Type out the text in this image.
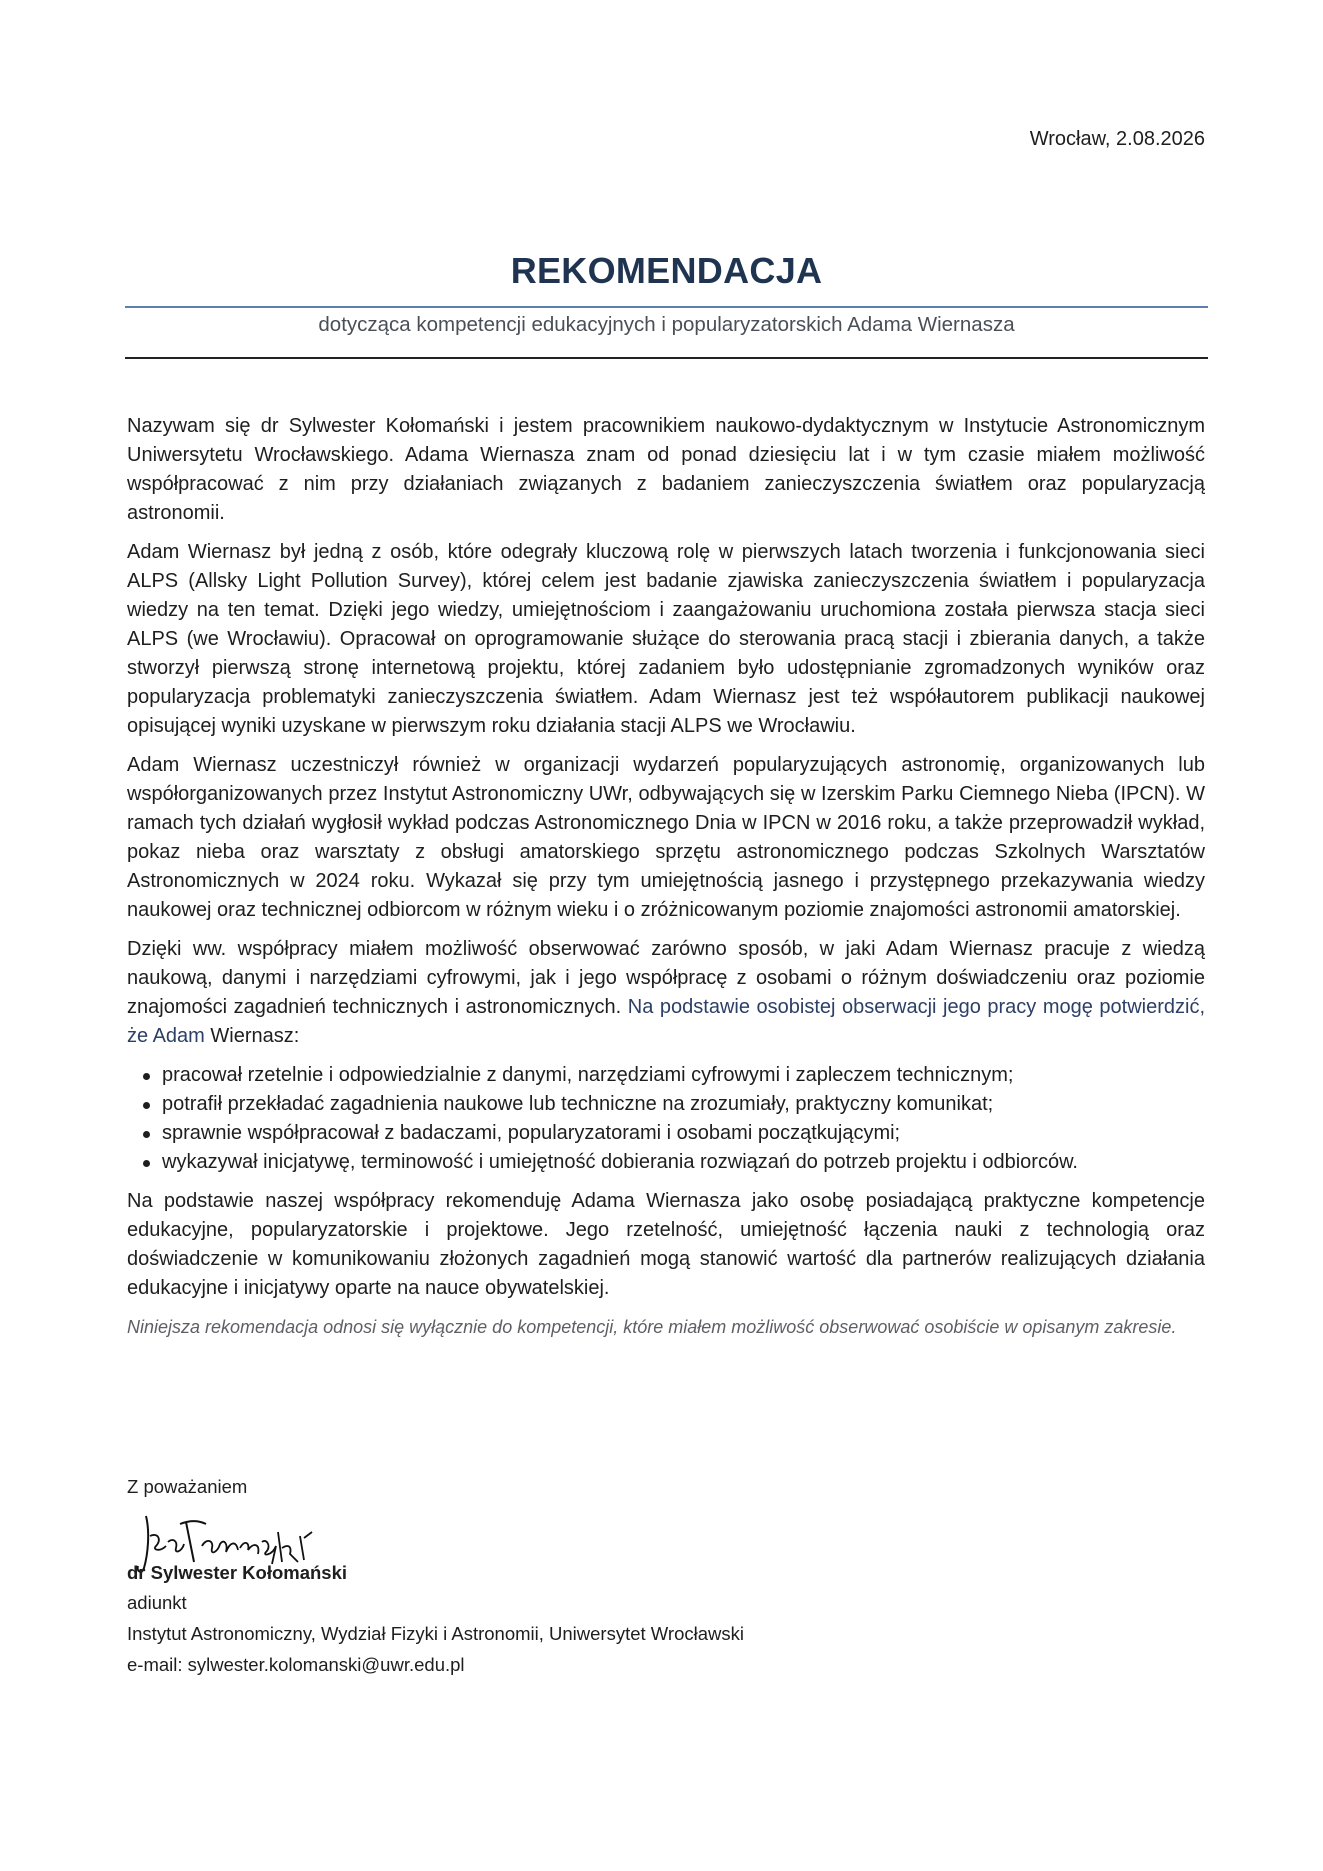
Wrocław, 2.08.2026
REKOMENDACJA
dotycząca kompetencji edukacyjnych i popularyzatorskich Adama Wiernasza

Nazywam się dr Sylwester Kołomański i jestem pracownikiem naukowo-dydaktycznym w Instytucie Astronomicznym Uniwersytetu Wrocławskiego. Adama Wiernasza znam od ponad dziesięciu lat i w tym czasie miałem możliwość współpracować z nim przy działaniach związanych z badaniem zanieczyszczenia światłem oraz popularyzacją astronomii.

Adam Wiernasz był jedną z osób, które odegrały kluczową rolę w pierwszych latach tworzenia i funkcjonowania sieci ALPS (Allsky Light Pollution Survey), której celem jest badanie zjawiska zanieczyszczenia światłem i popularyzacja wiedzy na ten temat. Dzięki jego wiedzy, umiejętnościom i zaangażowaniu uruchomiona została pierwsza stacja sieci ALPS (we Wrocławiu). Opracował on oprogramowanie służące do sterowania pracą stacji i zbierania danych, a także stworzył pierwszą stronę internetową projektu, której zadaniem było udostępnianie zgromadzonych wyników oraz popularyzacja problematyki zanieczyszczenia światłem. Adam Wiernasz jest też współautorem publikacji naukowej opisującej wyniki uzyskane w pierwszym roku działania stacji ALPS we Wrocławiu.

Adam Wiernasz uczestniczył również w organizacji wydarzeń popularyzujących astronomię, organizowanych lub współorganizowanych przez Instytut Astronomiczny UWr, odbywających się w Izerskim Parku Ciemnego Nieba (IPCN). W ramach tych działań wygłosił wykład podczas Astronomicznego Dnia w IPCN w 2016 roku, a także przeprowadził wykład, pokaz nieba oraz warsztaty z obsługi amatorskiego sprzętu astronomicznego podczas Szkolnych Warsztatów Astronomicznych w 2024 roku. Wykazał się przy tym umiejętnością jasnego i przystępnego przekazywania wiedzy naukowej oraz technicznej odbiorcom w różnym wieku i o zróżnicowanym poziomie znajomości astronomii amatorskiej.

Dzięki ww. współpracy miałem możliwość obserwować zarówno sposób, w jaki Adam Wiernasz pracuje z wiedzą naukową, danymi i narzędziami cyfrowymi, jak i jego współpracę z osobami o różnym doświadczeniu oraz poziomie znajomości zagadnień technicznych i astronomicznych. Na podstawie osobistej obserwacji jego pracy mogę potwierdzić, że Adam Wiernasz:

pracował rzetelnie i odpowiedzialnie z danymi, narzędziami cyfrowymi i zapleczem technicznym;
potrafił przekładać zagadnienia naukowe lub techniczne na zrozumiały, praktyczny komunikat;
sprawnie współpracował z badaczami, popularyzatorami i osobami początkującymi;
wykazywał inicjatywę, terminowość i umiejętność dobierania rozwiązań do potrzeb projektu i odbiorców.

Na podstawie naszej współpracy rekomenduję Adama Wiernasza jako osobę posiadającą praktyczne kompetencje edukacyjne, popularyzatorskie i projektowe. Jego rzetelność, umiejętność łączenia nauki z technologią oraz doświadczenie w komunikowaniu złożonych zagadnień mogą stanowić wartość dla partnerów realizujących działania edukacyjne i inicjatywy oparte na nauce obywatelskiej.

Niniejsza rekomendacja odnosi się wyłącznie do kompetencji, które miałem możliwość obserwować osobiście w opisanym zakresie.

Z poważaniem
dr Sylwester Kołomański
adiunkt
Instytut Astronomiczny, Wydział Fizyki i Astronomii, Uniwersytet Wrocławski
e-mail: sylwester.kolomanski@uwr.edu.pl
